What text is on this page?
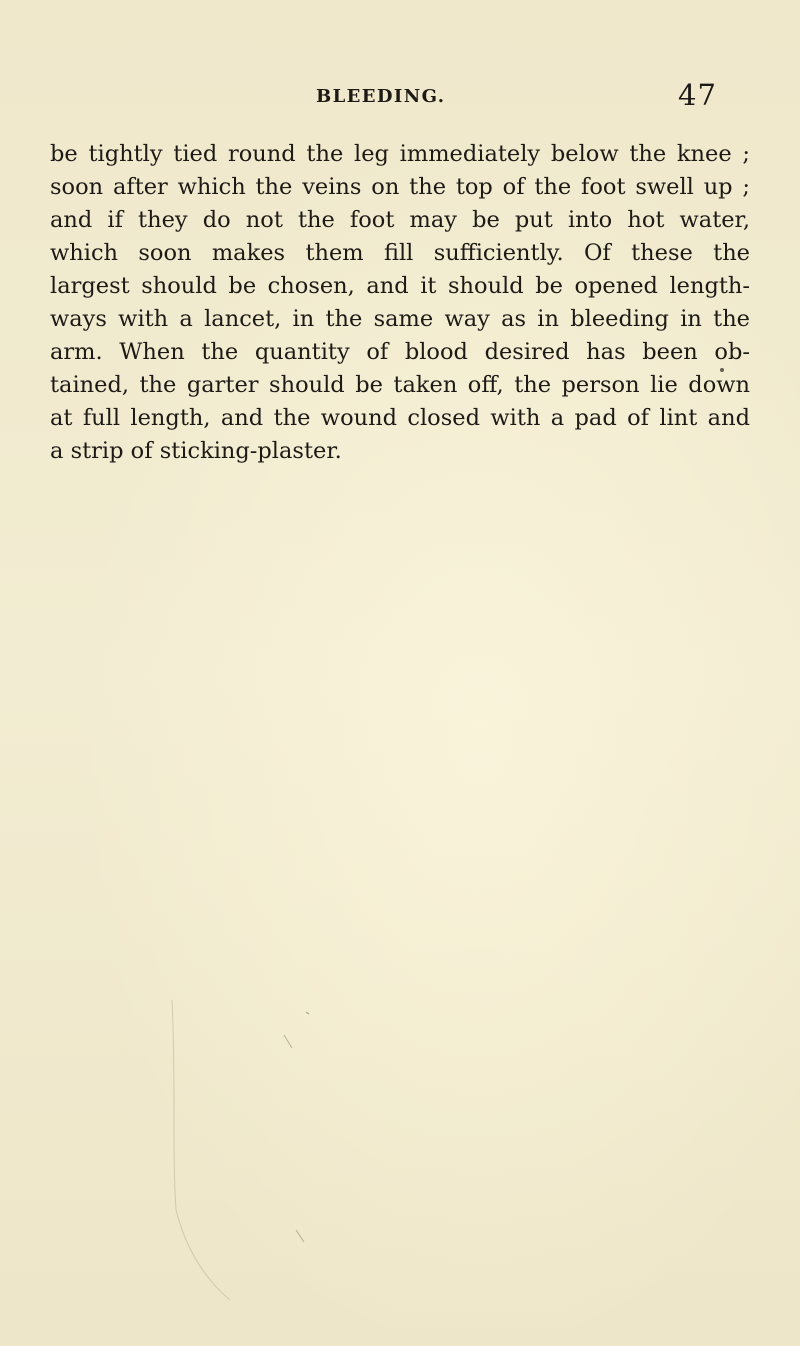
BLEEDING.	47
be tightly tied round the leg immediately below the knee ;
soon after which the veins on the top of the foot swell up ;
and if they do not the foot may be put into hot water,
which soon makes them fill sufficiently. Of these the
largest should be chosen, and it should be opened length-
ways with a lancet, in the same way as in bleeding in the
arm. When the quantity of blood desired has been ob-
tained, the garter should be taken off, the person lie down
at full length, and the wound closed with a pad of lint and
a strip of sticking-plaster.
